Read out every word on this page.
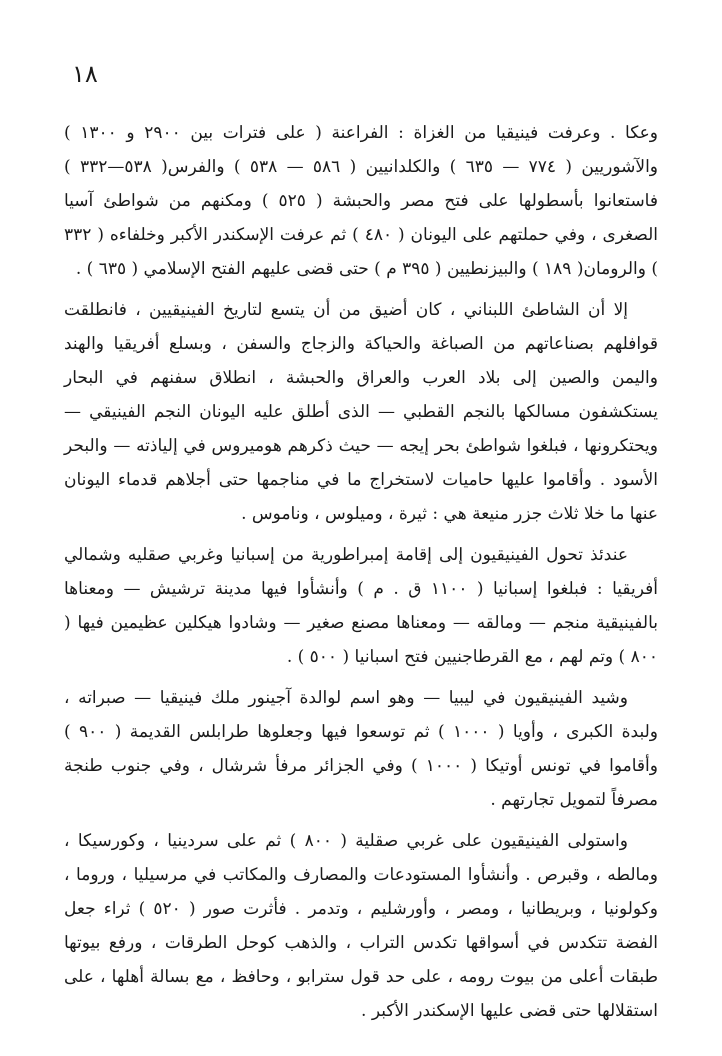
١٨

وعكا . وعرفت فينيقيا من الغزاة : الفراعنة ( على فترات بين ٢٩٠٠ و ١٣٠٠ ) والآشوريين ( ٧٧٤ — ٦٣٥ ) والكلدانيين ( ٥٨٦ — ٥٣٨ ) والفرس( ٥٣٨—٣٣٢ ) فاستعانوا بأسطولها على فتح مصر والحبشة ( ٥٢٥ ) ومكنهم من شواطئ آسيا الصغرى ، وفي حملتهم على اليونان ( ٤٨٠ ) ثم عرفت الإسكندر الأكبر وخلفاءه ( ٣٣٢ ) والرومان( ١٨٩ ) والبيزنطيين ( ٣٩٥ م ) حتى قضى عليهم الفتح الإسلامي ( ٦٣٥ ) .

إلا أن الشاطئ اللبناني ، كان أضيق من أن يتسع لتاريخ الفينيقيين ، فانطلقت قوافلهم بصناعاتهم من الصباغة والحياكة والزجاج والسفن ، وبسلع أفريقيا والهند واليمن والصين إلى بلاد العرب والعراق والحبشة ، انطلاق سفنهم في البحار يستكشفون مسالكها بالنجم القطبي — الذى أطلق عليه اليونان النجم الفينيقي — ويحتكرونها ، فبلغوا شواطئ بحر إيجه — حيث ذكرهم هوميروس في إلياذته — والبحر الأسود . وأقاموا عليها حاميات لاستخراج ما في مناجمها حتى أجلاهم قدماء اليونان عنها ما خلا ثلاث جزر منيعة هي : ثيرة ، وميلوس ، وناموس .

عندئذ تحول الفينيقيون إلى إقامة إمبراطورية من إسبانيا وغربي صقليه وشمالي أفريقيا : فبلغوا إسبانيا ( ١١٠٠ ق . م ) وأنشأوا فيها مدينة ترشيش — ومعناها بالفينيقية منجم — ومالقه — ومعناها مصنع صغير — وشادوا هيكلين عظيمين فيها ( ٨٠٠ ) وتم لهم ، مع القرطاجنيين فتح اسبانيا ( ٥٠٠ ) .

وشيد الفينيقيون في ليبيا — وهو اسم لوالدة آجينور ملك فينيقيا — صبراته ، ولبدة الكبرى ، وأويا ( ١٠٠٠ ) ثم توسعوا فيها وجعلوها طرابلس القديمة ( ٩٠٠ ) وأقاموا في تونس أوتيكا ( ١٠٠٠ ) وفي الجزائر مرفأ شرشال ، وفي جنوب طنجة مصرفاً لتمويل تجارتهم .

واستولى الفينيقيون على غربي صقلية ( ٨٠٠ ) ثم على سردينيا ، وكورسيكا ، ومالطه ، وقبرص . وأنشأوا المستودعات والمصارف والمكاتب في مرسيليا ، وروما ، وكولونيا ، وبريطانيا ، ومصر ، وأورشليم ، وتدمر . فأثرت صور ( ٥٢٠ ) ثراء جعل الفضة تتكدس في أسواقها تكدس التراب ، والذهب كوحل الطرقات ، ورفع بيوتها طبقات أعلى من بيوت رومه ، على حد قول سترابو ، وحافظ ، مع بسالة أهلها ، على استقلالها حتى قضى عليها الإسكندر الأكبر .
